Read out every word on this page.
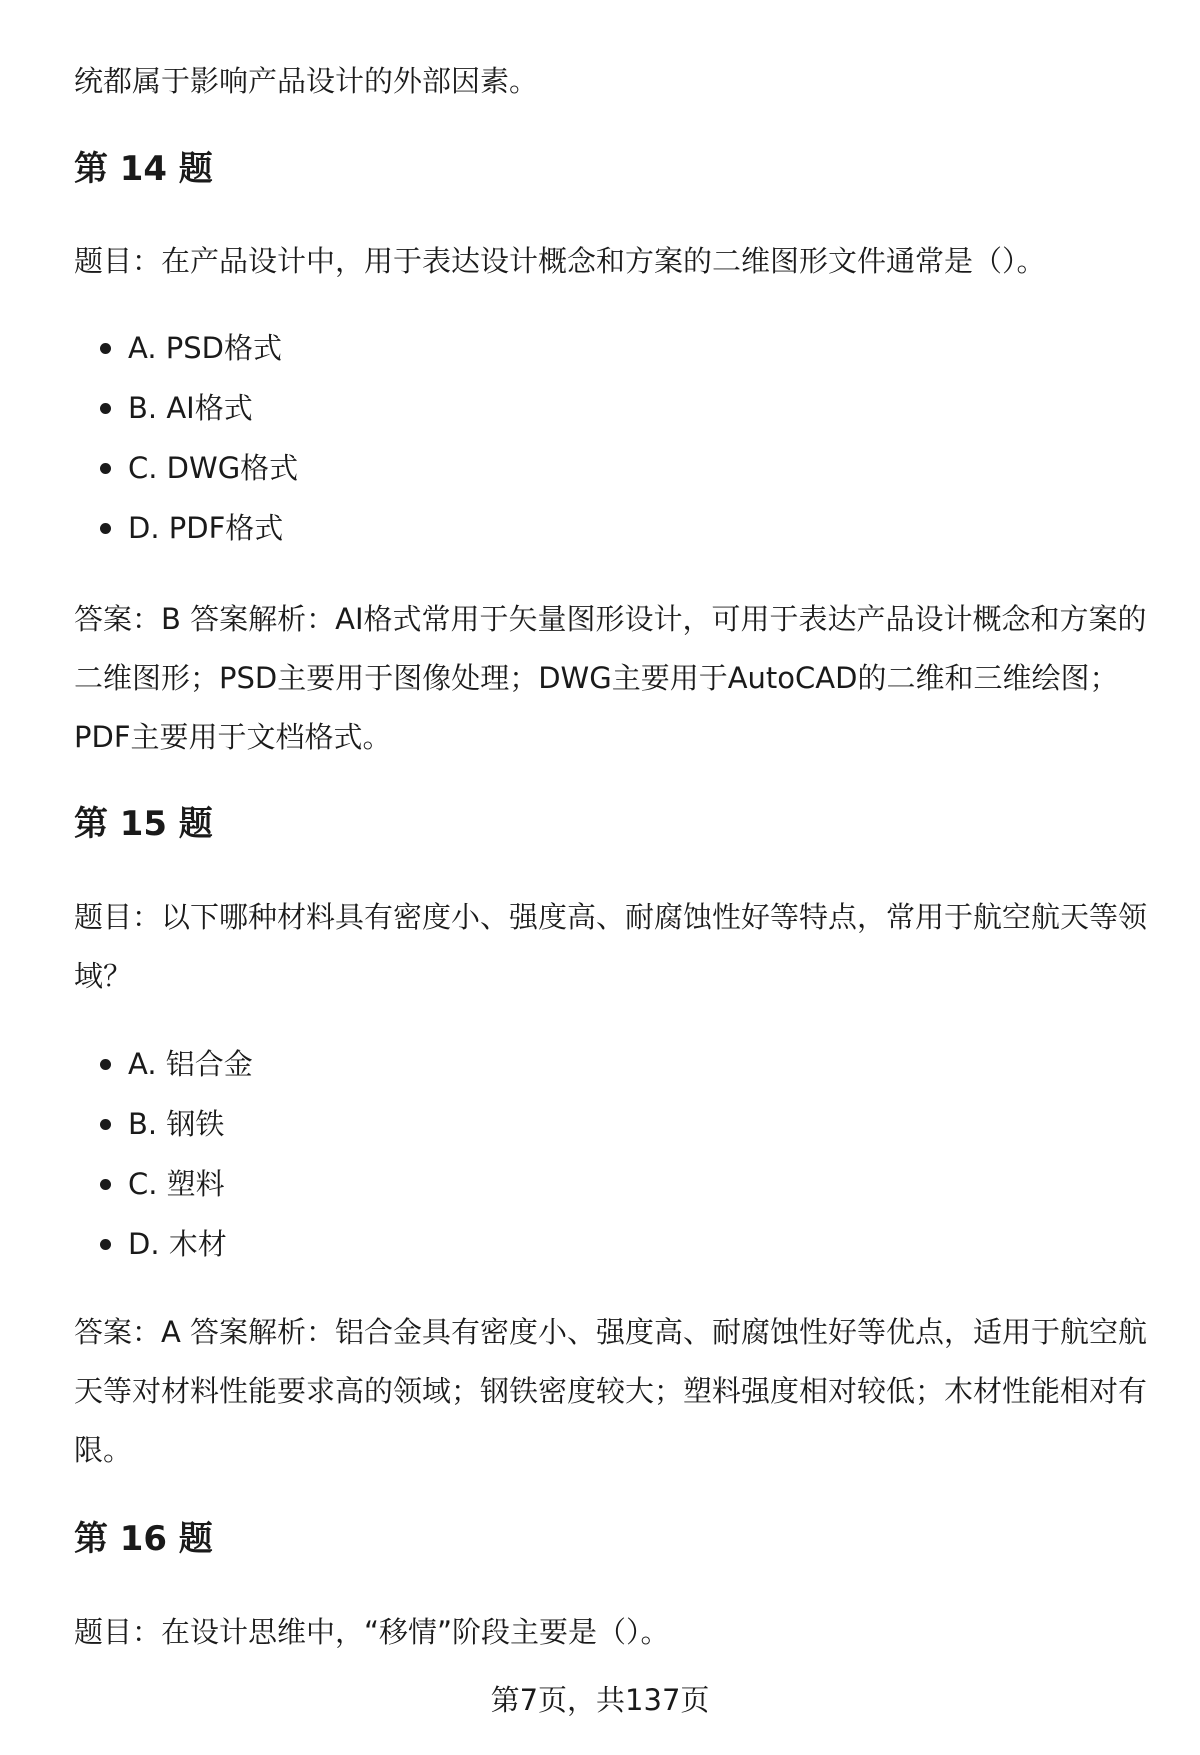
统都属于影响产品设计的外部因素。

第 14 题

题目：在产品设计中，用于表达设计概念和方案的二维图形文件通常是（）。

A. PSD格式
B. AI格式
C. DWG格式
D. PDF格式

答案：B 答案解析：AI格式常用于矢量图形设计，可用于表达产品设计概念和方案的二维图形；PSD主要用于图像处理；DWG主要用于AutoCAD的二维和三维绘图；PDF主要用于文档格式。

第 15 题

题目：以下哪种材料具有密度小、强度高、耐腐蚀性好等特点，常用于航空航天等领域？

A. 铝合金
B. 钢铁
C. 塑料
D. 木材

答案：A 答案解析：铝合金具有密度小、强度高、耐腐蚀性好等优点，适用于航空航天等对材料性能要求高的领域；钢铁密度较大；塑料强度相对较低；木材性能相对有限。

第 16 题

题目：在设计思维中，“移情”阶段主要是（）。

第7页，共137页
